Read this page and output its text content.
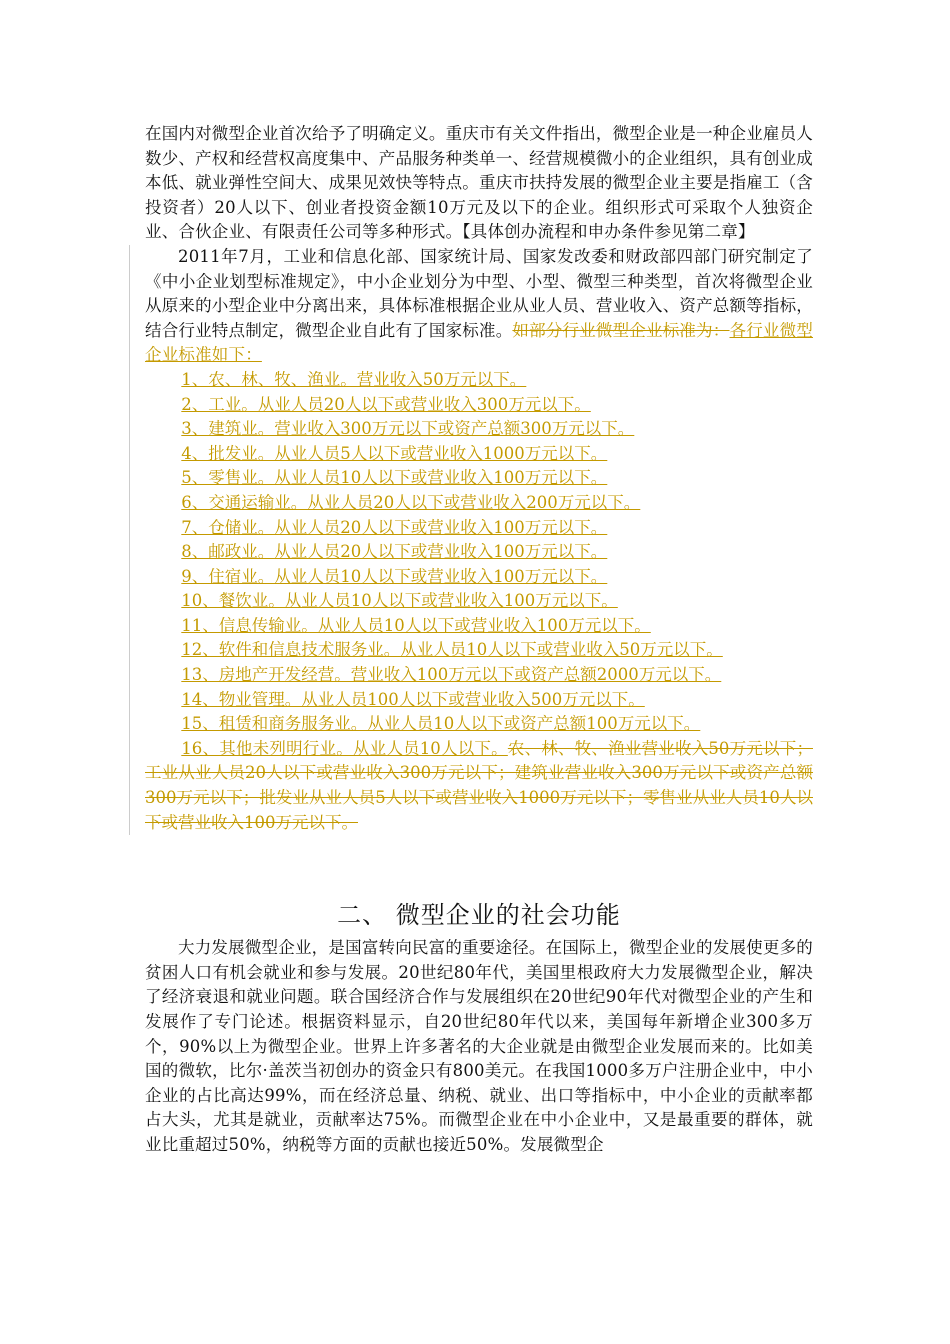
在国内对微型企业首次给予了明确定义。重庆市有关文件指出，微型企业是一种企业雇员人数少、产权和经营权高度集中、产品服务种类单一、经营规模微小的企业组织，具有创业成本低、就业弹性空间大、成果见效快等特点。重庆市扶持发展的微型企业主要是指雇工（含投资者）20人以下、创业者投资金额10万元及以下的企业。组织形式可采取个人独资企业、合伙企业、有限责任公司等多种形式。【具体创办流程和申办条件参见第二章】

2011年7月，工业和信息化部、国家统计局、国家发改委和财政部四部门研究制定了《中小企业划型标准规定》，中小企业划分为中型、小型、微型三种类型，首次将微型企业从原来的小型企业中分离出来，具体标准根据企业从业人员、营业收入、资产总额等指标，结合行业特点制定，微型企业自此有了国家标准。如部分行业微型企业标准为：各行业微型企业标准如下：

1、农、林、牧、渔业。营业收入50万元以下。
2、工业。从业人员20人以下或营业收入300万元以下。
3、建筑业。营业收入300万元以下或资产总额300万元以下。
4、批发业。从业人员5人以下或营业收入1000万元以下。
5、零售业。从业人员10人以下或营业收入100万元以下。
6、交通运输业。从业人员20人以下或营业收入200万元以下。
7、仓储业。从业人员20人以下或营业收入100万元以下。
8、邮政业。从业人员20人以下或营业收入100万元以下。
9、住宿业。从业人员10人以下或营业收入100万元以下。
10、餐饮业。从业人员10人以下或营业收入100万元以下。
11、信息传输业。从业人员10人以下或营业收入100万元以下。
12、软件和信息技术服务业。从业人员10人以下或营业收入50万元以下。
13、房地产开发经营。营业收入100万元以下或资产总额2000万元以下。
14、物业管理。从业人员100人以下或营业收入500万元以下。
15、租赁和商务服务业。从业人员10人以下或资产总额100万元以下。

16、其他未列明行业。从业人员10人以下。农、林、牧、渔业营业收入50万元以下；工业从业人员20人以下或营业收入300万元以下；建筑业营业收入300万元以下或资产总额300万元以下；批发业从业人员5人以下或营业收入1000万元以下；零售业从业人员10人以下或营业收入100万元以下。

二、 微型企业的社会功能

大力发展微型企业，是国富转向民富的重要途径。在国际上，微型企业的发展使更多的贫困人口有机会就业和参与发展。20世纪80年代，美国里根政府大力发展微型企业，解决了经济衰退和就业问题。联合国经济合作与发展组织在20世纪90年代对微型企业的产生和发展作了专门论述。根据资料显示，自20世纪80年代以来，美国每年新增企业300多万个，90%以上为微型企业。世界上许多著名的大企业就是由微型企业发展而来的。比如美国的微软，比尔·盖茨当初创办的资金只有800美元。在我国1000多万户注册企业中，中小企业的占比高达99%，而在经济总量、纳税、就业、出口等指标中，中小企业的贡献率都占大头，尤其是就业，贡献率达75%。而微型企业在中小企业中，又是最重要的群体，就业比重超过50%，纳税等方面的贡献也接近50%。发展微型企
